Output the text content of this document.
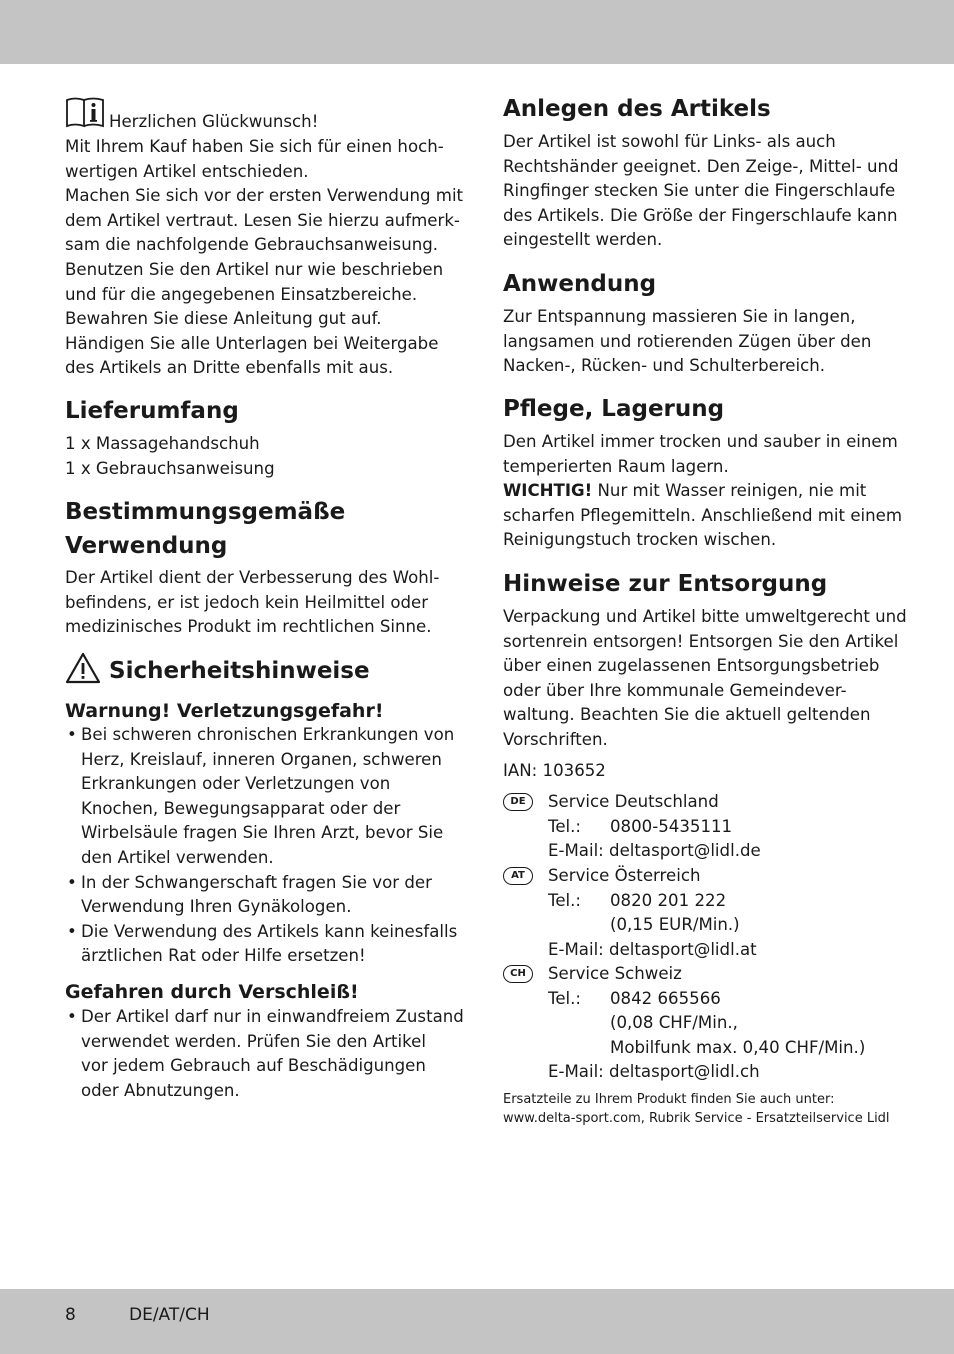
Herzlichen Glückwunsch!

Mit Ihrem Kauf haben Sie sich für einen hoch-

wertigen Artikel entschieden.

Machen Sie sich vor der ersten Verwendung mit

dem Artikel vertraut. Lesen Sie hierzu aufmerk-

sam die nachfolgende Gebrauchsanweisung.

Benutzen Sie den Artikel nur wie beschrieben

und für die angegebenen Einsatzbereiche.

Bewahren Sie diese Anleitung gut auf.

Händigen Sie alle Unterlagen bei Weitergabe

des Artikels an Dritte ebenfalls mit aus.

Lieferumfang

1 x Massagehandschuh

1 x Gebrauchsanweisung

Bestimmungsgemäße

Verwendung

Der Artikel dient der Verbesserung des Wohl-

befindens, er ist jedoch kein Heilmittel oder

medizinisches Produkt im rechtlichen Sinne.

Sicherheitshinweise

Warnung! Verletzungsgefahr!

• Bei schweren chronischen Erkrankungen von

Herz, Kreislauf, inneren Organen, schweren

Erkrankungen oder Verletzungen von

Knochen, Bewegungsapparat oder der

Wirbelsäule fragen Sie Ihren Arzt, bevor Sie

den Artikel verwenden.

• In der Schwangerschaft fragen Sie vor der

Verwendung Ihren Gynäkologen.

• Die Verwendung des Artikels kann keinesfalls

ärztlichen Rat oder Hilfe ersetzen!

Gefahren durch Verschleiß!

• Der Artikel darf nur in einwandfreiem Zustand

verwendet werden. Prüfen Sie den Artikel

vor jedem Gebrauch auf Beschädigungen

oder Abnutzungen.

Anlegen des Artikels

Der Artikel ist sowohl für Links- als auch

Rechtshänder geeignet. Den Zeige-, Mittel- und

Ringfinger stecken Sie unter die Fingerschlaufe

des Artikels. Die Größe der Fingerschlaufe kann

eingestellt werden.

Anwendung

Zur Entspannung massieren Sie in langen,

langsamen und rotierenden Zügen über den

Nacken-, Rücken- und Schulterbereich.

Pflege, Lagerung

Den Artikel immer trocken und sauber in einem

temperierten Raum lagern.

WICHTIG! Nur mit Wasser reinigen, nie mit

scharfen Pflegemitteln. Anschließend mit einem

Reinigungstuch trocken wischen.

Hinweise zur Entsorgung

Verpackung und Artikel bitte umweltgerecht und

sortenrein entsorgen! Entsorgen Sie den Artikel

über einen zugelassenen Entsorgungsbetrieb

oder über Ihre kommunale Gemeindever-

waltung. Beachten Sie die aktuell geltenden

Vorschriften.

IAN: 103652

DE	Service Deutschland
Tel.: 0800-5435111
E-Mail: deltasport@lidl.de
AT	Service Österreich
Tel.: 0820 201 222
(0,15 EUR/Min.)
E-Mail: deltasport@lidl.at
CH	Service Schweiz
Tel.: 0842 665566
(0,08 CHF/Min.,
Mobilfunk max. 0,40 CHF/Min.)
E-Mail: deltasport@lidl.ch

Ersatzteile zu Ihrem Produkt finden Sie auch unter:

www.delta-sport.com, Rubrik Service - Ersatzteilservice Lidl

8	DE/AT/CH
